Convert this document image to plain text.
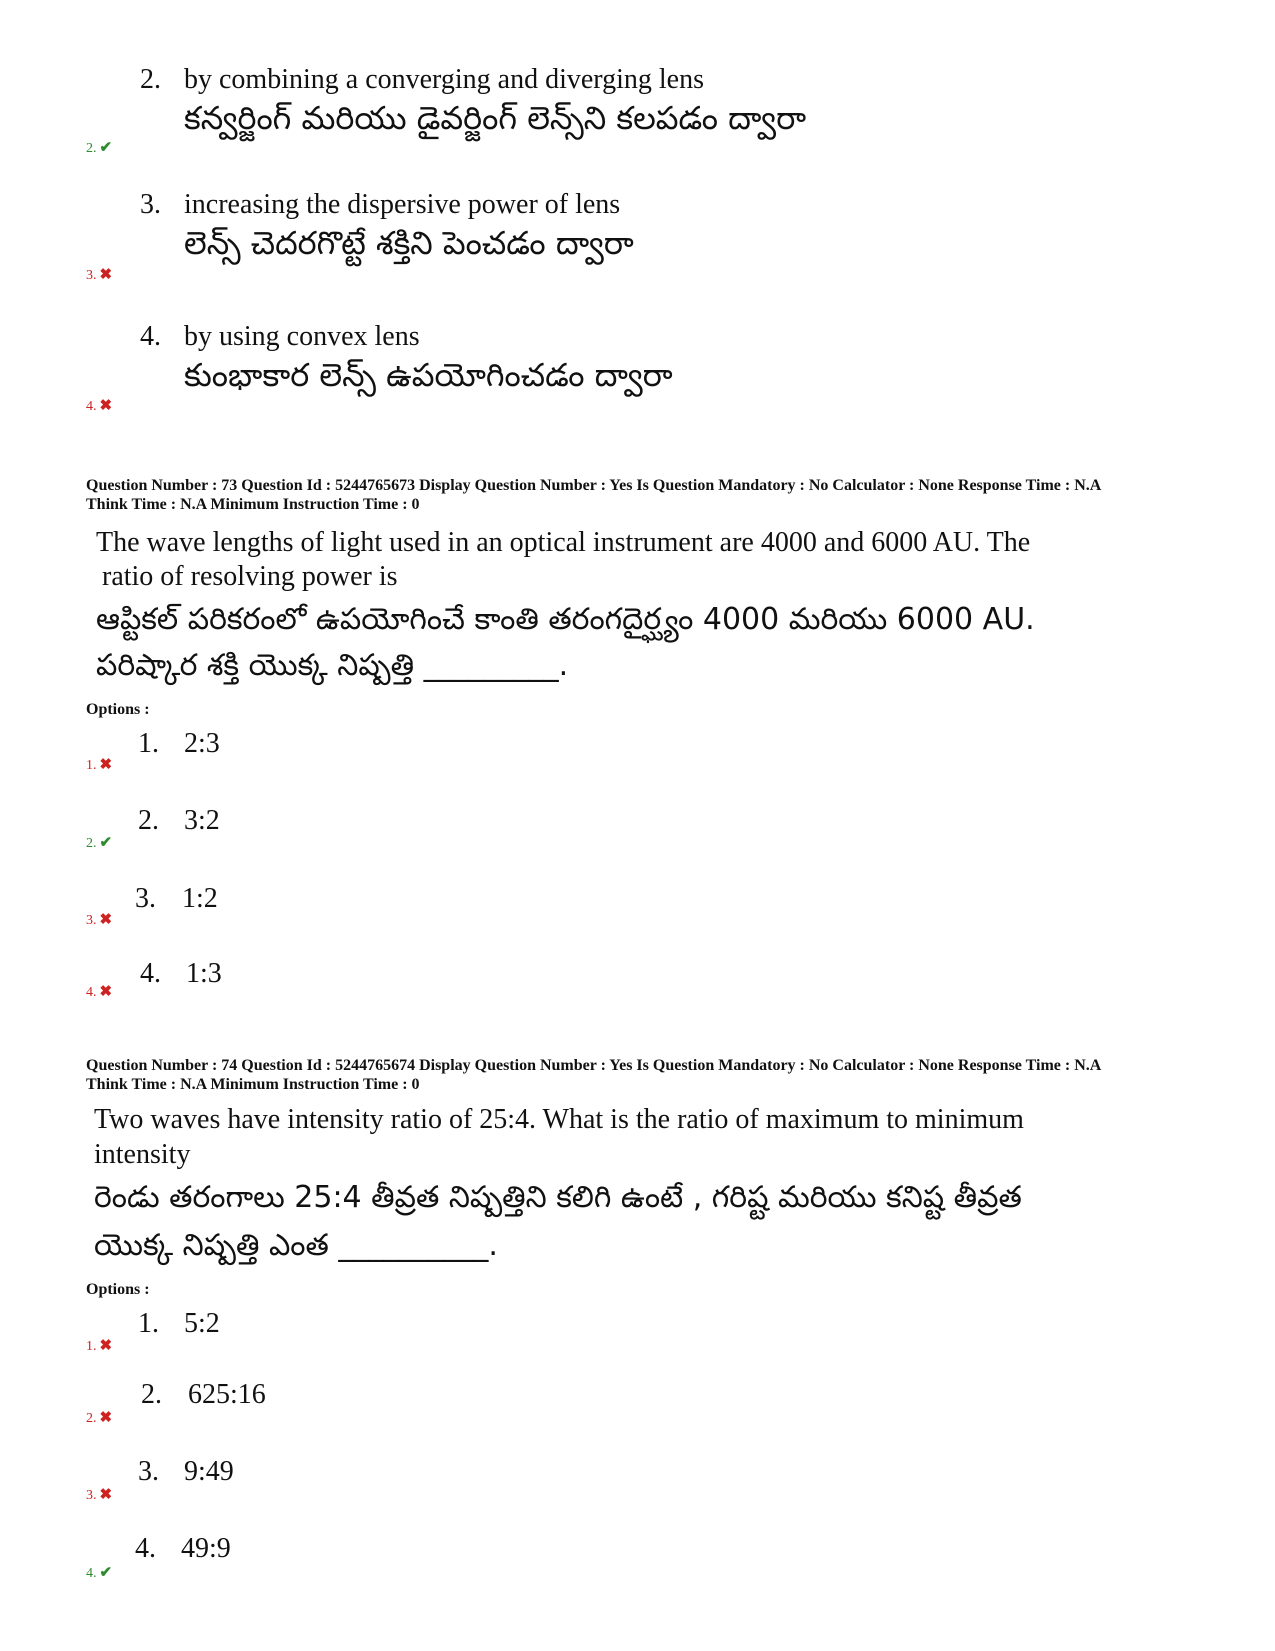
2. by combining a converging and diverging lens
కన్వర్జింగ్ మరియు డైవర్జింగ్ లెన్స్‌ని కలపడం ద్వారా
2. ✔
3. increasing the dispersive power of lens
లెన్స్ చెదరగొట్టే శక్తిని పెంచడం ద్వారా
3. ✖
4. by using convex lens
కుంభాకార లెన్స్ ఉపయోగించడం ద్వారా
4. ✖
Question Number : 73 Question Id : 5244765673 Display Question Number : Yes Is Question Mandatory : No Calculator : None Response Time : N.A
Think Time : N.A Minimum Instruction Time : 0
The wave lengths of light used in an optical instrument are 4000 and 6000 AU. The
ratio of resolving power is
ఆప్టికల్ పరికరంలో ఉపయోగించే కాంతి తరంగదైర్ఘ్యం 4000 మరియు 6000 AU.
పరిష్కార శక్తి యొక్క నిష్పత్తి _________.
Options :
1. 2:3
1. ✖
2. 3:2
2. ✔
3. 1:2
3. ✖
4. 1:3
4. ✖
Question Number : 74 Question Id : 5244765674 Display Question Number : Yes Is Question Mandatory : No Calculator : None Response Time : N.A
Think Time : N.A Minimum Instruction Time : 0
Two waves have intensity ratio of 25:4. What is the ratio of maximum to minimum
intensity
రెండు తరంగాలు 25:4 తీవ్రత నిష్పత్తిని కలిగి ఉంటే , గరిష్ట మరియు కనిష్ట తీవ్రత
యొక్క నిష్పత్తి ఎంత __________.
Options :
1. 5:2
1. ✖
2. 625:16
2. ✖
3. 9:49
3. ✖
4. 49:9
4. ✔
